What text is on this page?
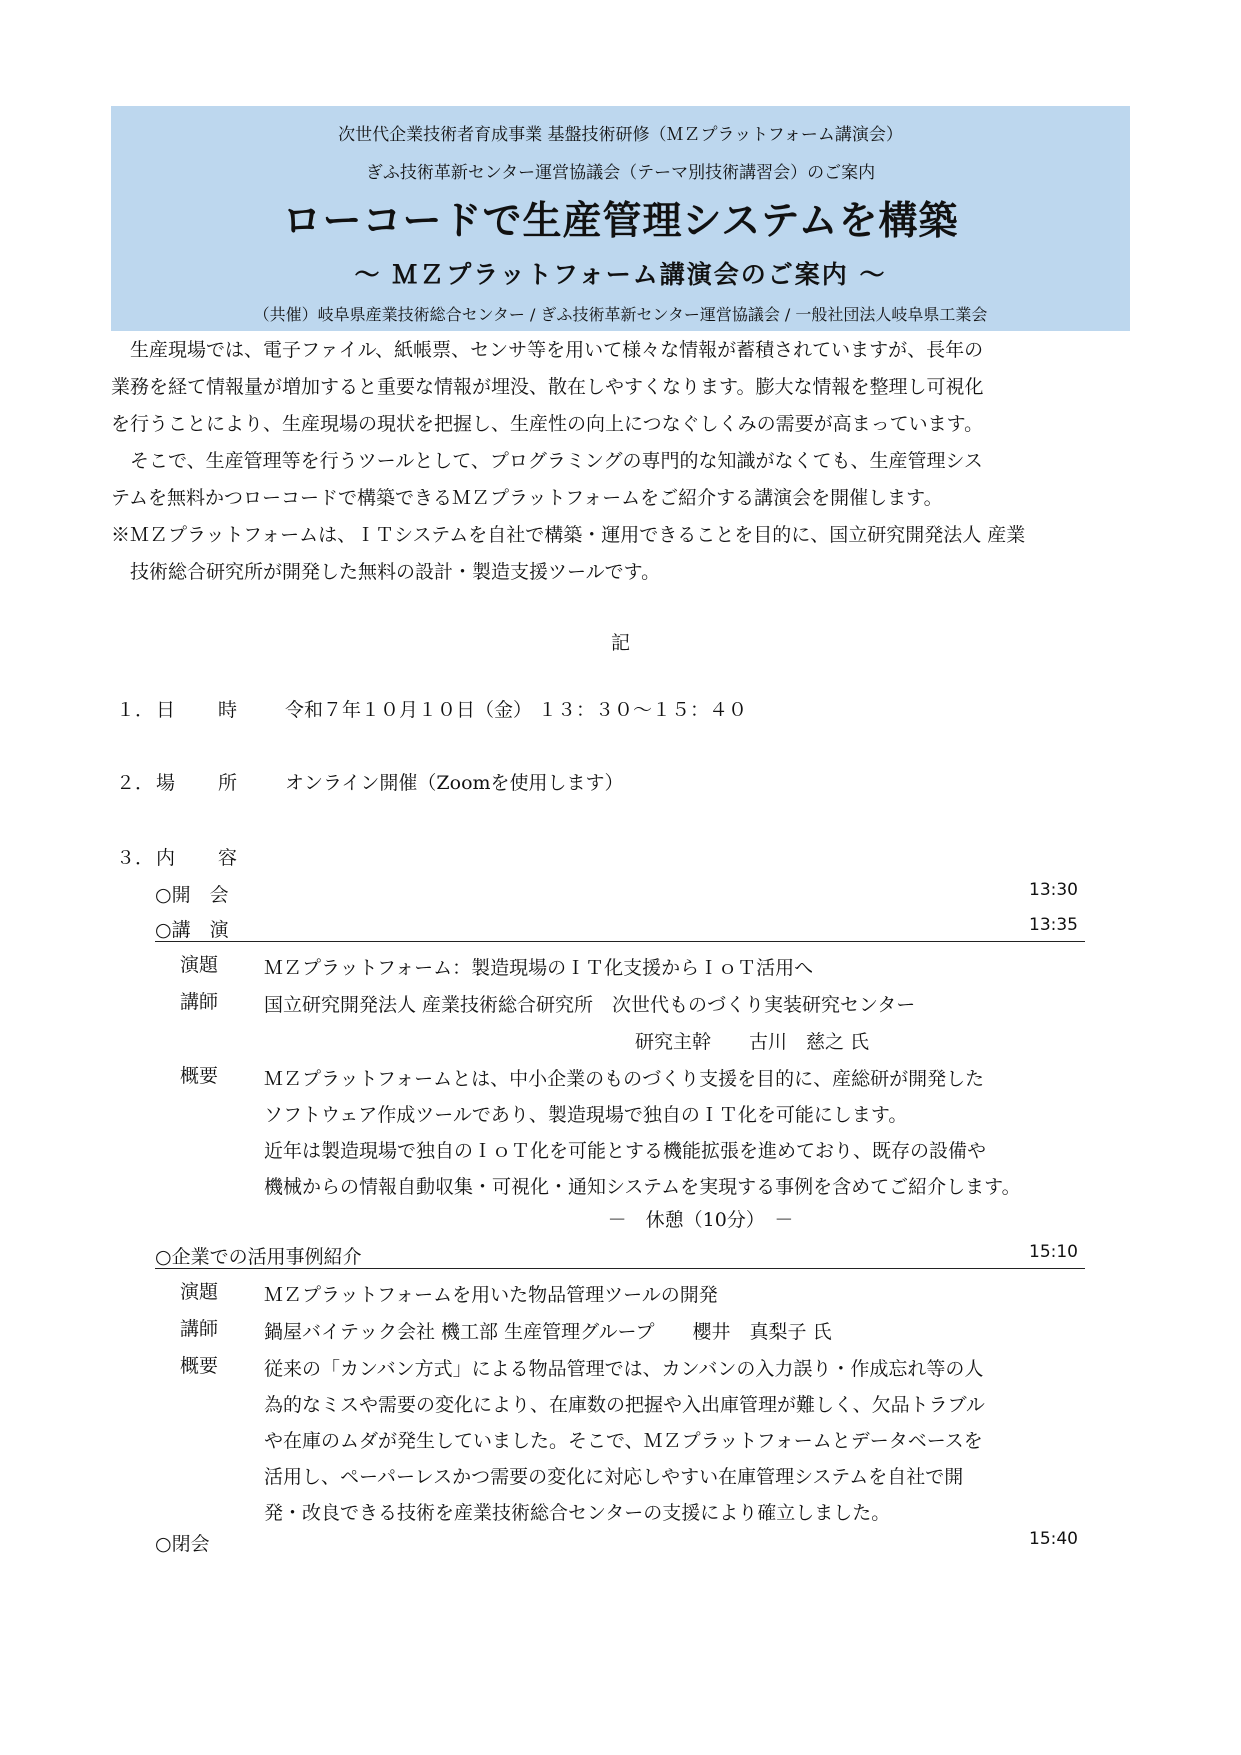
次世代企業技術者育成事業 基盤技術研修（ＭＺプラットフォーム講演会）
ぎふ技術革新センター運営協議会（テーマ別技術講習会）のご案内
ローコードで生産管理システムを構築
～ ＭＺプラットフォーム講演会のご案内 ～
（共催）岐阜県産業技術総合センター / ぎふ技術革新センター運営協議会 / 一般社団法人岐阜県工業会

生産現場では、電子ファイル、紙帳票、センサ等を用いて様々な情報が蓄積されていますが、長年の

業務を経て情報量が増加すると重要な情報が埋没、散在しやすくなります。膨大な情報を整理し可視化

を行うことにより、生産現場の現状を把握し、生産性の向上につなぐしくみの需要が高まっています。

そこで、生産管理等を行うツールとして、プログラミングの専門的な知識がなくても、生産管理シス

テムを無料かつローコードで構築できるＭＺプラットフォームをご紹介する講演会を開催します。

※ＭＺプラットフォームは、ＩＴシステムを自社で構築・運用できることを目的に、国立研究開発法人 産業

技術総合研究所が開発した無料の設計・製造支援ツールです。

記
１． 日 時	令和７年１０月１０日（金） １３：３０～１５：４０
２． 場 所	オンライン開催（Zoomを使用します）
３． 内 容
○開　会	13:30
○講　演	13:35
演題	ＭＺプラットフォーム：製造現場のＩＴ化支援からＩｏＴ活用へ
講師	国立研究開発法人 産業技術総合研究所　次世代ものづくり実装研究センター
研究主幹　　古川　慈之 氏
概要	ＭＺプラットフォームとは、中小企業のものづくり支援を目的に、産総研が開発した
ソフトウェア作成ツールであり、製造現場で独自のＩＴ化を可能にします。
近年は製造現場で独自のＩｏＴ化を可能とする機能拡張を進めており、既存の設備や
機械からの情報自動収集・可視化・通知システムを実現する事例を含めてご紹介します。
－　休憩（10分）　－
○企業での活用事例紹介	15:10
演題	ＭＺプラットフォームを用いた物品管理ツールの開発
講師	鍋屋バイテック会社 機工部 生産管理グループ　　櫻井　真梨子 氏
概要	従来の「カンバン方式」による物品管理では、カンバンの入力誤り・作成忘れ等の人
為的なミスや需要の変化により、在庫数の把握や入出庫管理が難しく、欠品トラブル
や在庫のムダが発生していました。そこで、ＭＺプラットフォームとデータベースを
活用し、ペーパーレスかつ需要の変化に対応しやすい在庫管理システムを自社で開
発・改良できる技術を産業技術総合センターの支援により確立しました。
○閉会	15:40
